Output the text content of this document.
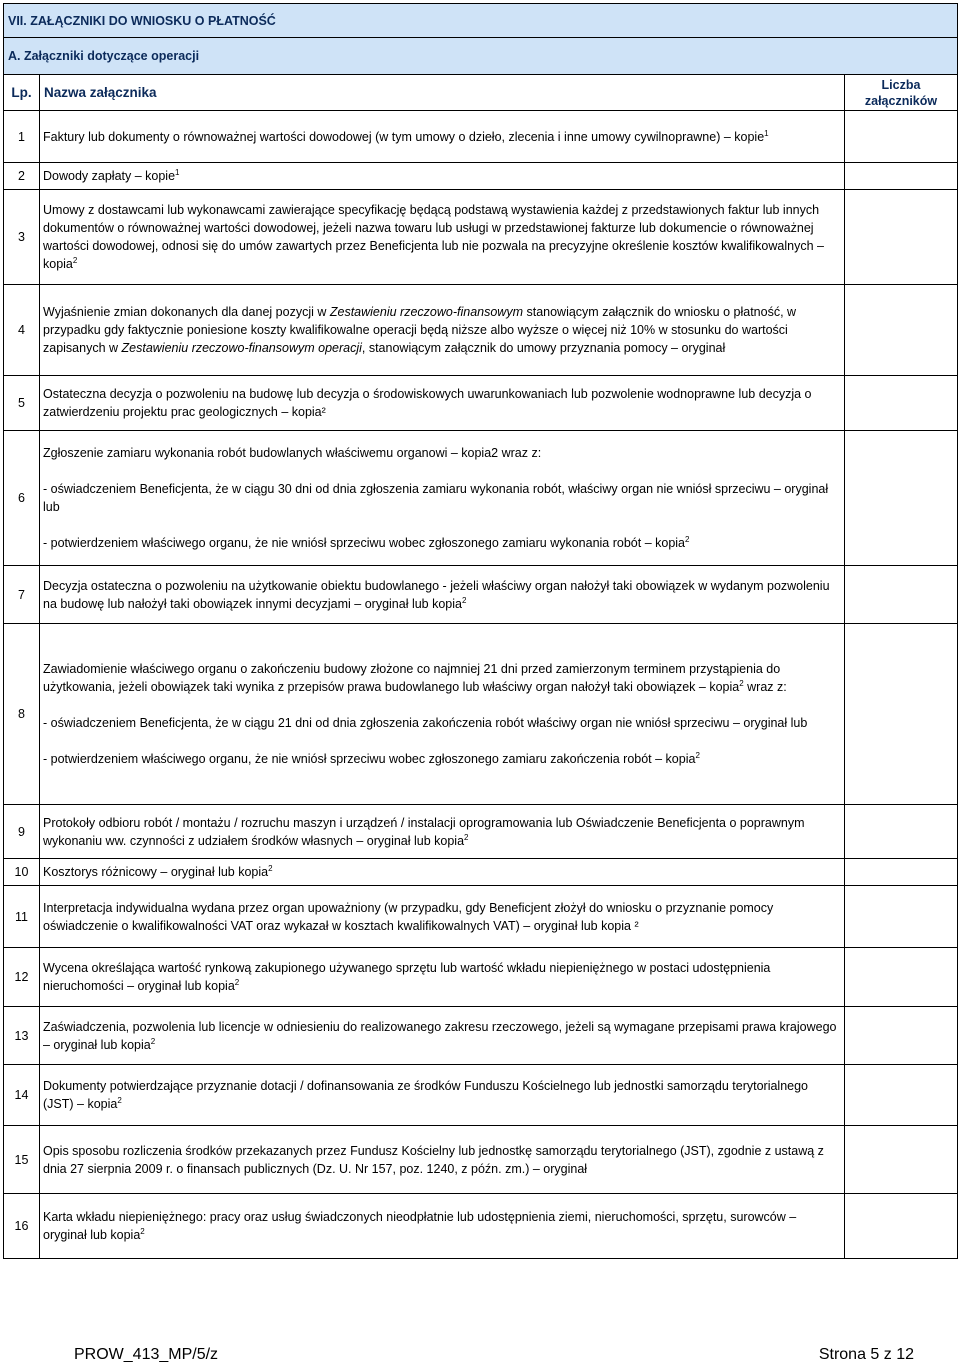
VII. ZAŁĄCZNIKI DO WNIOSKU O PŁATNOŚĆ		
A. Załączniki dotyczące operacji		
Lp.	Nazwa załącznika	Liczba
załączników
1	Faktury lub dokumenty o równoważnej wartości dowodowej (w tym umowy o dzieło, zlecenia i inne umowy cywilnoprawne) – kopie$^1$	
2	Dowody zapłaty – kopie$^1$	
3	Umowy z dostawcami lub wykonawcami zawierające specyfikację będącą podstawą wystawienia każdej z przedstawionych faktur lub innych dokumentów o równoważnej wartości dowodowej, jeżeli nazwa towaru lub usługi w przedstawionej fakturze lub dokumencie o równoważnej wartości dowodowej, odnosi się do umów zawartych przez Beneficjenta lub nie pozwala na precyzyjne określenie kosztów kwalifikowalnych – kopia$^2$	
4	Wyjaśnienie zmian dokonanych dla danej pozycji w Zestawieniu rzeczowo-finansowym stanowiącym załącznik do wniosku o płatność, w przypadku gdy faktycznie poniesione koszty kwalifikowalne operacji będą niższe albo wyższe o więcej niż 10% w stosunku do wartości zapisanych w Zestawieniu rzeczowo-finansowym operacji, stanowiącym załącznik do umowy przyznania pomocy – oryginał	
5	Ostateczna decyzja o pozwoleniu na budowę lub decyzja o środowiskowych uwarunkowaniach lub pozwolenie wodnoprawne lub decyzja o zatwierdzeniu projektu prac geologicznych – kopia²	
6	Zgłoszenie zamiaru wykonania robót budowlanych właściwemu organowi – kopia2 wraz z:
- oświadczeniem Beneficjenta, że w ciągu 30 dni od dnia zgłoszenia zamiaru wykonania robót, właściwy organ nie wniósł sprzeciwu – oryginał lub
- potwierdzeniem właściwego organu, że nie wniósł sprzeciwu wobec zgłoszonego zamiaru wykonania robót – kopia$^2$

7	Decyzja ostateczna o pozwoleniu na użytkowanie obiektu budowlanego - jeżeli właściwy organ nałożył taki obowiązek w wydanym pozwoleniu na budowę lub nałożył taki obowiązek innymi decyzjami – oryginał lub kopia$^2$	
8	Zawiadomienie właściwego organu o zakończeniu budowy złożone co najmniej 21 dni przed zamierzonym terminem przystąpienia do użytkowania, jeżeli obowiązek taki wynika z przepisów prawa budowlanego lub właściwy organ nałożył taki obowiązek – kopia$^2$ wraz z:
- oświadczeniem Beneficjenta, że w ciągu 21 dni od dnia zgłoszenia zakończenia robót właściwy organ nie wniósł sprzeciwu – oryginał lub
- potwierdzeniem właściwego organu, że nie wniósł sprzeciwu wobec zgłoszonego zamiaru zakończenia robót – kopia$^2$

9	Protokoły odbioru robót / montażu / rozruchu maszyn i urządzeń / instalacji oprogramowania lub Oświadczenie Beneficjenta o poprawnym wykonaniu ww. czynności z udziałem środków własnych – oryginał lub kopia$^2$	
10	Kosztorys różnicowy – oryginał lub kopia$^2$	
11	Interpretacja indywidualna wydana przez organ upoważniony (w przypadku, gdy Beneficjent złożył do wniosku o przyznanie pomocy oświadczenie o kwalifikowalności VAT oraz wykazał w kosztach kwalifikowalnych VAT) – oryginał lub kopia ²	
12	Wycena określająca wartość rynkową zakupionego używanego sprzętu lub wartość wkładu niepieniężnego w postaci udostępnienia nieruchomości – oryginał lub kopia$^2$	
13	Zaświadczenia, pozwolenia lub licencje w odniesieniu do realizowanego zakresu rzeczowego, jeżeli są wymagane przepisami prawa krajowego – oryginał lub kopia$^2$	
14	Dokumenty potwierdzające przyznanie dotacji / dofinansowania ze środków Funduszu Kościelnego lub jednostki samorządu terytorialnego (JST) – kopia$^2$	
15	Opis sposobu rozliczenia środków przekazanych przez Fundusz Kościelny lub jednostkę samorządu terytorialnego (JST), zgodnie z ustawą z dnia 27 sierpnia 2009 r. o finansach publicznych (Dz. U. Nr 157, poz. 1240, z późn. zm.) – oryginał	
16	Karta wkładu niepieniężnego: pracy oraz usług świadczonych nieodpłatnie lub udostępnienia ziemi, nieruchomości, sprzętu, surowców – oryginał lub kopia$^2$	
PROW_413_MP/5/z	Strona 5 z 12
